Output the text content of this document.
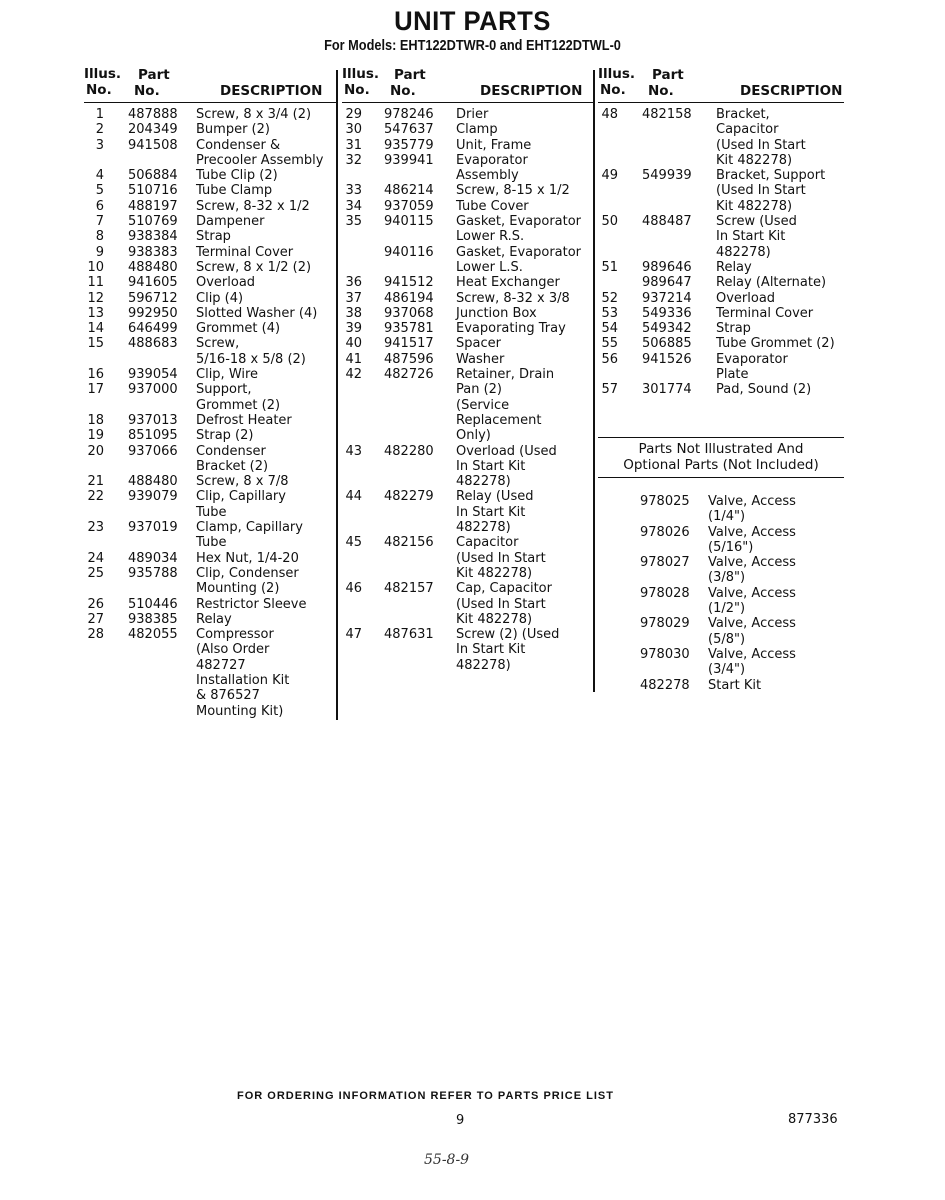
UNIT PARTS
For Models: EHT122DTWR-0 and EHT122DTWL-0
Illus.
No.
Part
No.	DESCRIPTION
1 487888 Screw, 8 x 3/4 (2)
2 204349 Bumper (2)
3 941508 Condenser &
Precooler Assembly
4 506884 Tube Clip (2)
5 510716 Tube Clamp
6 488197 Screw, 8-32 x 1/2
7 510769 Dampener
8 938384 Strap
9 938383 Terminal Cover
10 488480 Screw, 8 x 1/2 (2)
11 941605 Overload
12 596712 Clip (4)
13 992950 Slotted Washer (4)
14 646499 Grommet (4)
15 488683 Screw,
5/16-18 x 5/8 (2)
16 939054 Clip, Wire
17 937000 Support,
Grommet (2)
18 937013 Defrost Heater
19 851095 Strap (2)
20 937066 Condenser
Bracket (2)
21 488480 Screw, 8 x 7/8
22 939079 Clip, Capillary
Tube
23 937019 Clamp, Capillary
Tube
24 489034 Hex Nut, 1/4-20
25 935788 Clip, Condenser
Mounting (2)
26 510446 Restrictor Sleeve
27 938385 Relay
28 482055 Compressor
(Also Order
482727
Installation Kit
& 876527
Mounting Kit)
Illus.
No.
Part
No.	DESCRIPTION
29 978246 Drier
30 547637 Clamp
31 935779 Unit, Frame
32 939941 Evaporator
Assembly
33 486214 Screw, 8-15 x 1/2
34 937059 Tube Cover
35 940115 Gasket, Evaporator
Lower R.S.
940116 Gasket, Evaporator
Lower L.S.
36 941512 Heat Exchanger
37 486194 Screw, 8-32 x 3/8
38 937068 Junction Box
39 935781 Evaporating Tray
40 941517 Spacer
41 487596 Washer
42 482726 Retainer, Drain
Pan (2)
(Service
Replacement
Only)
43 482280 Overload (Used
In Start Kit
482278)
44 482279 Relay (Used
In Start Kit
482278)
45 482156 Capacitor
(Used In Start
Kit 482278)
46 482157 Cap, Capacitor
(Used In Start
Kit 482278)
47 487631 Screw (2) (Used
In Start Kit
482278)
Illus.
No.
Part
No.	DESCRIPTION
48 482158 Bracket,
Capacitor
(Used In Start
Kit 482278)
49 549939 Bracket, Support
(Used In Start
Kit 482278)
50 488487 Screw (Used
In Start Kit
482278)
51 989646 Relay
989647 Relay (Alternate)
52 937214 Overload
53 549336 Terminal Cover
54 549342 Strap
55 506885 Tube Grommet (2)
56 941526 Evaporator
Plate
57 301774 Pad, Sound (2)
Parts Not Illustrated And
Optional Parts (Not Included)
978025 Valve, Access
(1/4")
978026 Valve, Access
(5/16")
978027 Valve, Access
(3/8")
978028 Valve, Access
(1/2")
978029 Valve, Access
(5/8")
978030 Valve, Access
(3/4")
482278 Start Kit
FOR ORDERING INFORMATION REFER TO PARTS PRICE LIST
9	877336
55-8-9
